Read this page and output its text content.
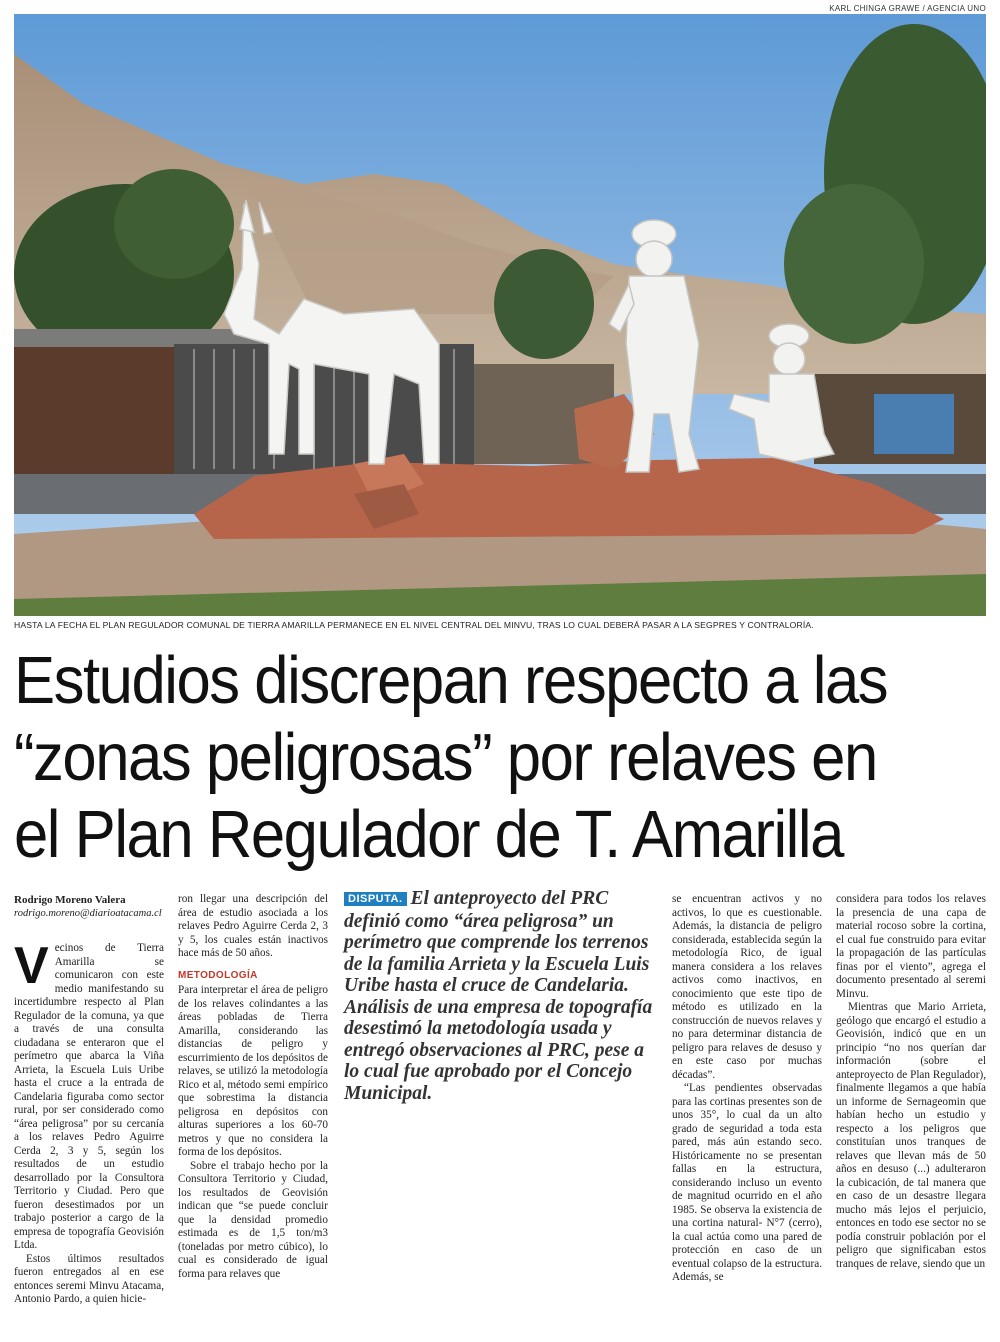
KARL CHINGA GRAWE / AGENCIA UNO
HASTA LA FECHA EL PLAN REGULADOR COMUNAL DE TIERRA AMARILLA PERMANECE EN EL NIVEL CENTRAL DEL MINVU, TRAS LO CUAL DEBERÁ PASAR A LA SEGPRES Y CONTRALORÍA.
Estudios discrepan respecto a las
“zonas peligrosas” por relaves en
el Plan Regulador de T. Amarilla
Rodrigo Moreno Valera
rodrigo.moreno@diarioatacama.cl

Vecinos de Tierra Amarilla se comunicaron con este medio manifestando su incertidumbre respecto al Plan Regulador de la comuna, ya que a través de una consulta ciudadana se enteraron que el perímetro que abarca la Viña Arrieta, la Escuela Luis Uribe hasta el cruce a la entrada de Candelaria figuraba como sector rural, por ser considerado como “área peligrosa” por su cercanía a los relaves Pedro Aguirre Cerda 2, 3 y 5, según los resultados de un estudio desarrollado por la Consultora Territorio y Ciudad. Pero que fueron desestimados por un trabajo posterior a cargo de la empresa de topografía Geovisión Ltda.

Estos últimos resultados fueron entregados al en ese entonces seremi Minvu Atacama, Antonio Pardo, a quien hicie-

ron llegar una descripción del área de estudio asociada a los relaves Pedro Aguirre Cerda 2, 3 y 5, los cuales están inactivos hace más de 50 años.

METODOLOGÍA

Para interpretar el área de peligro de los relaves colindantes a las áreas pobladas de Tierra Amarilla, considerando las distancias de peligro y escurrimiento de los depósitos de relaves, se utilizó la metodología Rico et al, método semi empírico que sobrestima la distancia peligrosa en depósitos con alturas superiores a los 60-70 metros y que no considera la forma de los depósitos.

Sobre el trabajo hecho por la Consultora Territorio y Ciudad, los resultados de Geovisión indican que “se puede concluir que la densidad promedio estimada es de 1,5 ton/m3 (toneladas por metro cúbico), lo cual es considerado de igual forma para relaves que

DISPUTA. El anteproyecto del PRC definió como “área peligrosa” un perímetro que comprende los terrenos de la familia Arrieta y la Escuela Luis Uribe hasta el cruce de Candelaria. Análisis de una empresa de topografía desestimó la metodología usada y entregó observaciones al PRC, pese a lo cual fue aprobado por el Concejo Municipal.

se encuentran activos y no activos, lo que es cuestionable. Además, la distancia de peligro considerada, establecida según la metodología Rico, de igual manera considera a los relaves activos como inactivos, en conocimiento que este tipo de método es utilizado en la construcción de nuevos relaves y no para determinar distancia de peligro para relaves de desuso y en este caso por muchas décadas”.

“Las pendientes observadas para las cortinas presentes son de unos 35°, lo cual da un alto grado de seguridad a toda esta pared, más aún estando seco. Históricamente no se presentan fallas en la estructura, considerando incluso un evento de magnitud ocurrido en el año 1985. Se observa la existencia de una cortina natural- N°7 (cerro), la cual actúa como una pared de protección en caso de un eventual colapso de la estructura. Además, se

considera para todos los relaves la presencia de una capa de material rocoso sobre la cortina, el cual fue construido para evitar la propagación de las partículas finas por el viento”, agrega el documento presentado al seremi Minvu.

Mientras que Mario Arrieta, geólogo que encargó el estudio a Geovisión, indicó que en un principio “no nos querían dar información (sobre el anteproyecto de Plan Regulador), finalmente llegamos a que había un informe de Sernageomin que habían hecho un estudio y respecto a los peligros que constituían unos tranques de relaves que llevan más de 50 años en desuso (...) adulteraron la cubicación, de tal manera que en caso de un desastre llegara mucho más lejos el perjuicio, entonces en todo ese sector no se podía construir población por el peligro que significaban estos tranques de relave, siendo que un
